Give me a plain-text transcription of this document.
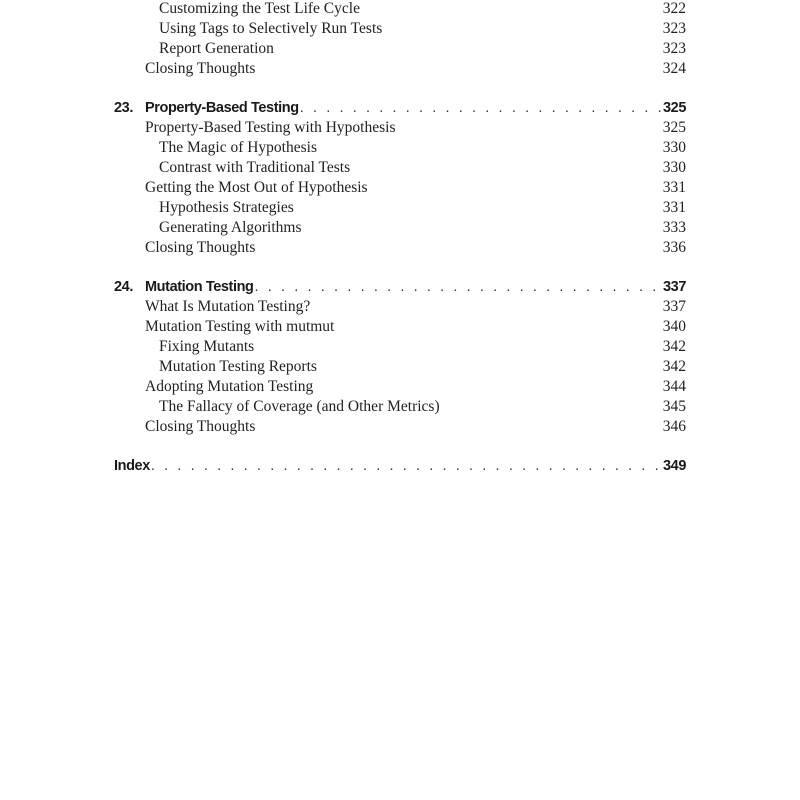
Customizing the Test Life Cycle	322
Using Tags to Selectively Run Tests	323
Report Generation	323
Closing Thoughts	324
23. Property-Based Testing . . .	325
Property-Based Testing with Hypothesis	325
The Magic of Hypothesis	330
Contrast with Traditional Tests	330
Getting the Most Out of Hypothesis	331
Hypothesis Strategies	331
Generating Algorithms	333
Closing Thoughts	336
24. Mutation Testing . . .	337
What Is Mutation Testing?	337
Mutation Testing with mutmut	340
Fixing Mutants	342
Mutation Testing Reports	342
Adopting Mutation Testing	344
The Fallacy of Coverage (and Other Metrics)	345
Closing Thoughts	346
Index . . .	349
